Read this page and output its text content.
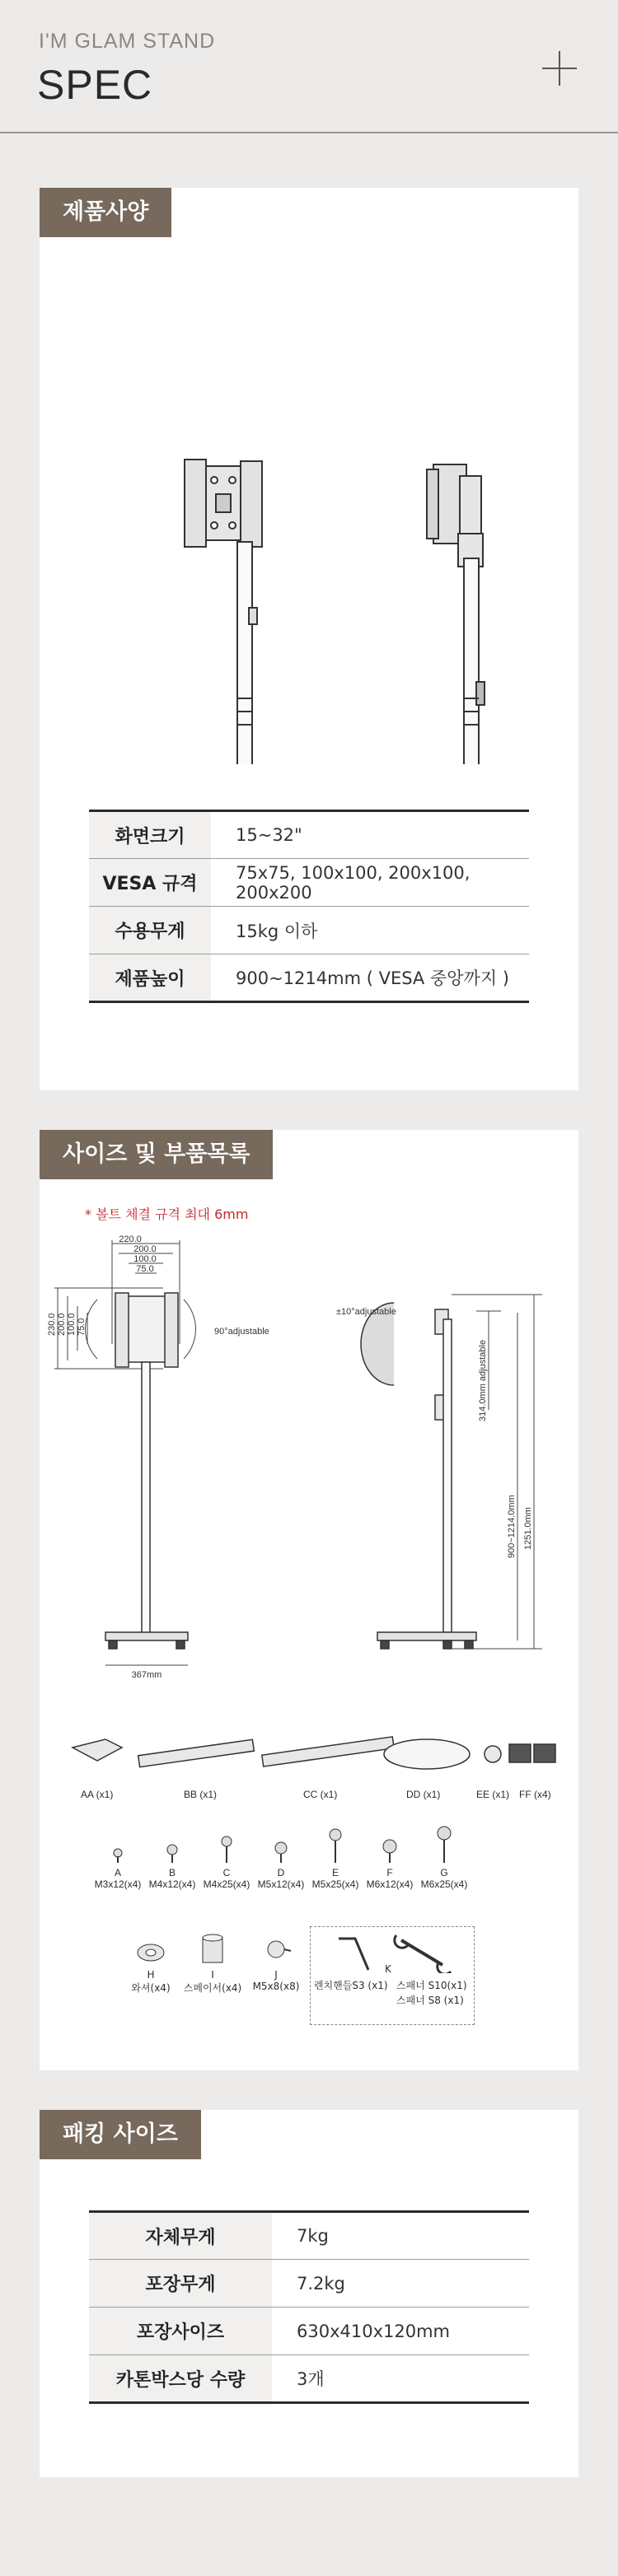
I'M GLAM STAND
SPEC
제품사양
화면크기	15~32"
VESA 규격	75x75, 100x100, 200x100, 200x200
수용무게	15kg 이하
제품높이	900~1214mm ( VESA 중앙까지 )
사이즈 및 부품목록
* 볼트 체결 규격 최대 6mm
220.0
200.0
100.0
75.0
230.0 200.0 100.0 75.0	90°adjustable
367mm
±10°adjustable
314.0mm adjustable
900~1214.0mm 1251.0mm
AA (x1)	BB (x1)	CC (x1)	DD (x1)	EE (x1) FF (x4)
A
M3x12(x4)
B
M4x12(x4)
C
M4x25(x4)
D
M5x12(x4)
E
M5x25(x4)
F
M6x12(x4)
G
M6x25(x4)
H
와셔(x4)
I
스페이서(x4)
J
M5x8(x8)
K
렌치핸들S3 (x1) 스패너 S10(x1)
스패너 S8 (x1)
패킹 사이즈
자체무게	7kg
포장무게	7.2kg
포장사이즈	630x410x120mm
카톤박스당 수량	3개
